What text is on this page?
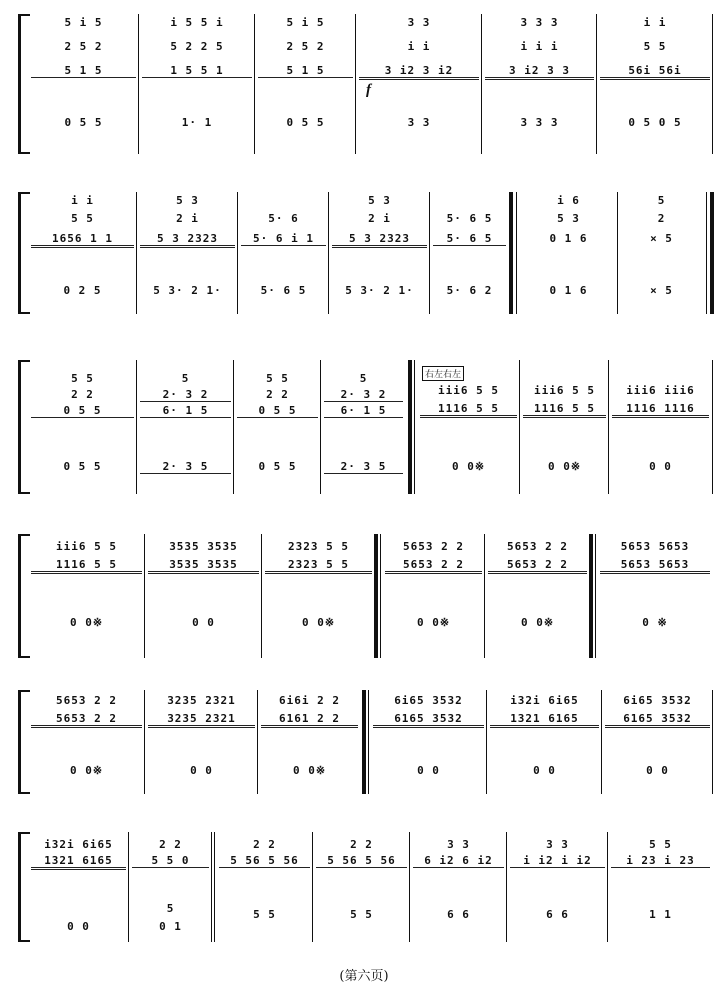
5 i 5
2 5 2
5 1 5
0 5 5
i 5 5 i
5 2 2 5
1 5 5 1
1· 1
5 i 5
2 5 2
5 1 5
0 5 5
3 3
i i
3 i2 3 i2
f
3 3
3 3 3
i i i
3 i2 3 3
3 3 3
i i
5 5
56i 56i
0 5 0 5
i i
5 5
1656 1 1
0 2 5
5 3
2 i
5 3 2323
5 3· 2 1·
5· 6
5· 6 i 1
5· 6 5
5 3
2 i
5 3 2323
5 3· 2 1·
5· 6 5
5· 6 5
5· 6 2
i 6
5 3
0 1 6
0 1 6
5
2
× 5
× 5
5 5
2 2
0 5 5
0 5 5
5
2· 3 2
6· 1 5
2· 3 5
5 5
2 2
0 5 5
0 5 5
5
2· 3 2
6· 1 5
2· 3 5
右左右左
iii6 5 5
1116 5 5
0 0※
iii6 5 5
1116 5 5
0 0※
iii6 iii6
1116 1116
0 0
iii6 5 5
1116 5 5
0 0※
3535 3535
3535 3535
0 0
2323 5 5
2323 5 5
0 0※
5653 2 2
5653 2 2
0 0※
5653 2 2
5653 2 2
0 0※
5653 5653
5653 5653
0 ※
5653 2 2
5653 2 2
0 0※
3235 2321
3235 2321
0 0
6i6i 2 2
6161 2 2
0 0※
6i65 3532
6165 3532
0 0
i32i 6i65
1321 6165
0 0
6i65 3532
6165 3532
0 0
i32i 6i65
1321 6165
0 0
2 2
5 5 0
5
0 1
2 2
5 56 5 56
5 5
2 2
5 56 5 56
5 5
3 3
6 i2 6 i2
6 6
3 3
i i2 i i2
6 6
5 5
i 23 i 23
1 1
(第六页)
